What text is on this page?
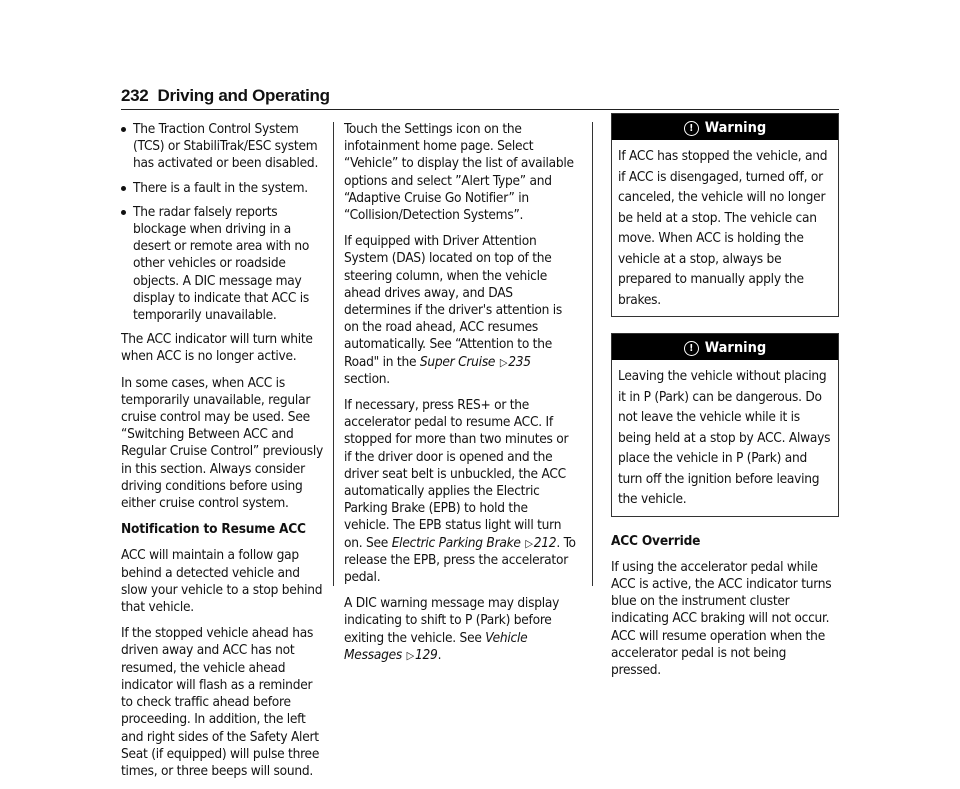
232 Driving and Operating
The Traction Control System (TCS) or StabiliTrak/ESC system has activated or been disabled.
There is a fault in the system.
The radar falsely reports blockage when driving in a desert or remote area with no other vehicles or roadside objects. A DIC message may display to indicate that ACC is temporarily unavailable.

The ACC indicator will turn white when ACC is no longer active.

In some cases, when ACC is temporarily unavailable, regular cruise control may be used. See “Switching Between ACC and Regular Cruise Control” previously in this section. Always consider driving conditions before using either cruise control system.

Notification to Resume ACC

ACC will maintain a follow gap behind a detected vehicle and slow your vehicle to a stop behind that vehicle.

If the stopped vehicle ahead has driven away and ACC has not resumed, the vehicle ahead indicator will flash as a reminder to check traffic ahead before proceeding. In addition, the left and right sides of the Safety Alert Seat (if equipped) will pulse three times, or three beeps will sound.

Touch the Settings icon on the infotainment home page. Select “Vehicle” to display the list of available options and select ”Alert Type” and “Adaptive Cruise Go Notifier” in “Collision/Detection Systems”.

If equipped with Driver Attention System (DAS) located on top of the steering column, when the vehicle ahead drives away, and DAS determines if the driver's attention is on the road ahead, ACC resumes automatically. See “Attention to the Road" in the Super Cruise ▷235 section.

If necessary, press RES+ or the accelerator pedal to resume ACC. If stopped for more than two minutes or if the driver door is opened and the driver seat belt is unbuckled, the ACC automatically applies the Electric Parking Brake (EPB) to hold the vehicle. The EPB status light will turn on. See Electric Parking Brake ▷212. To release the EPB, press the accelerator pedal.

A DIC warning message may display indicating to shift to P (Park) before exiting the vehicle. See Vehicle Messages ▷129.

! Warning
If ACC has stopped the vehicle, and if ACC is disengaged, turned off, or canceled, the vehicle will no longer be held at a stop. The vehicle can move. When ACC is holding the vehicle at a stop, always be prepared to manually apply the brakes.
! Warning
Leaving the vehicle without placing it in P (Park) can be dangerous. Do not leave the vehicle while it is being held at a stop by ACC. Always place the vehicle in P (Park) and turn off the ignition before leaving the vehicle.
ACC Override

If using the accelerator pedal while ACC is active, the ACC indicator turns blue on the instrument cluster indicating ACC braking will not occur. ACC will resume operation when the accelerator pedal is not being pressed.
